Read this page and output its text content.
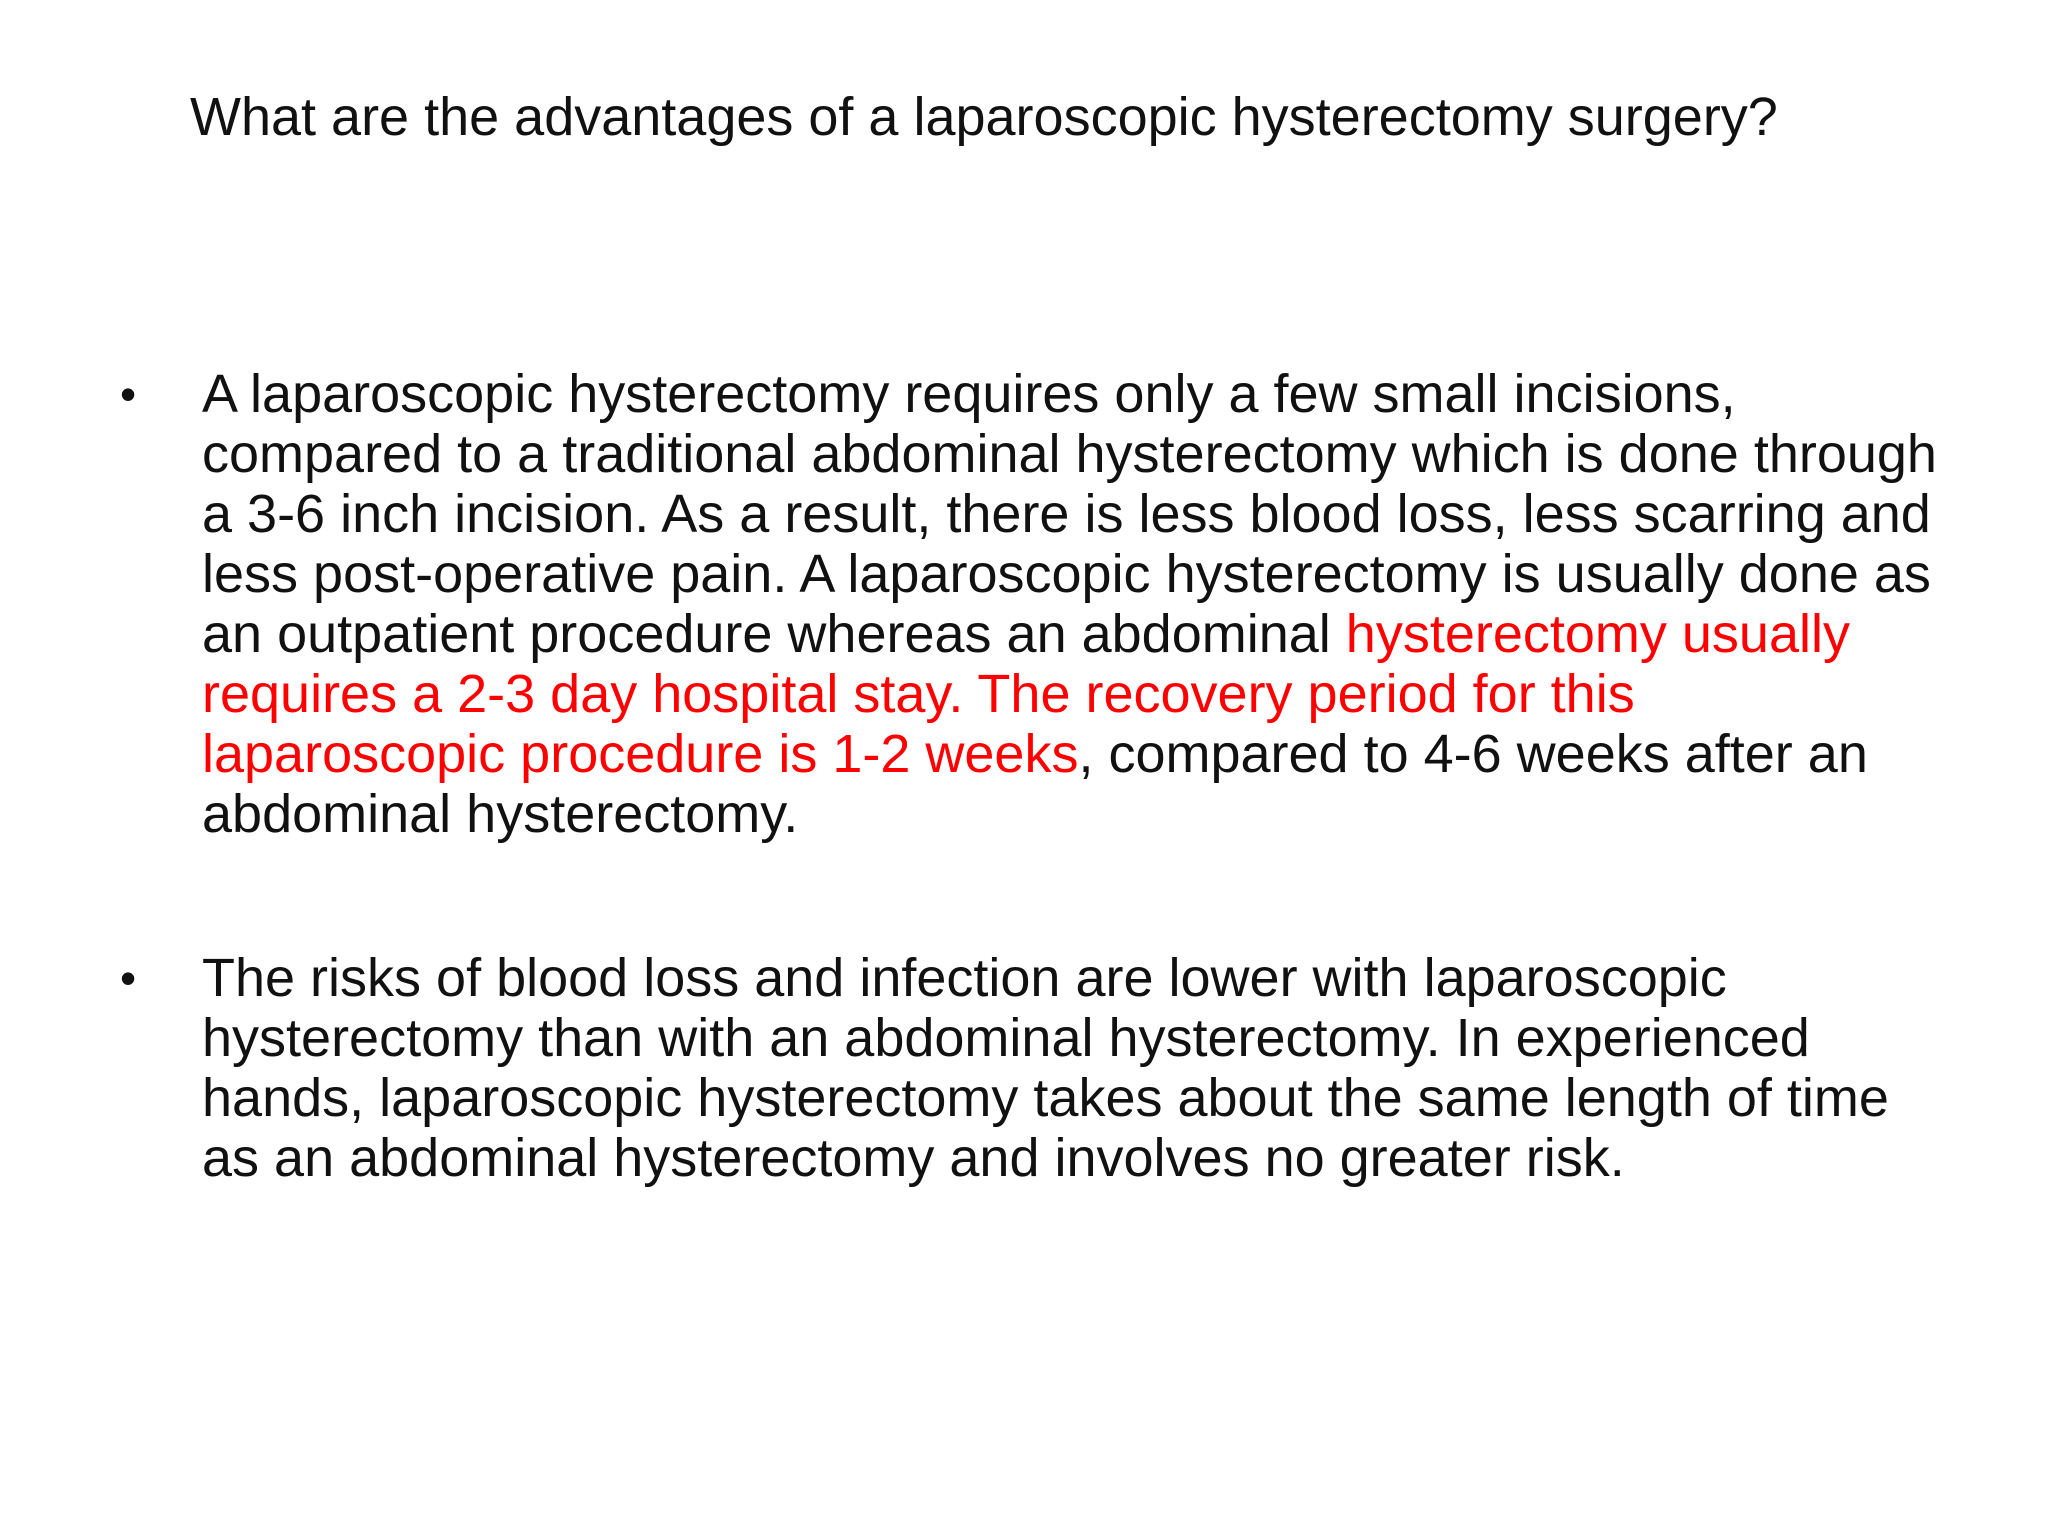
What are the advantages of a laparoscopic hysterectomy surgery?
•	A laparoscopic hysterectomy requires only a few small incisions, compared to a traditional abdominal hysterectomy which is done through a 3-6 inch incision. As a result, there is less blood loss, less scarring and less post-operative pain. A laparoscopic hysterectomy is usually done as an outpatient procedure whereas an abdominal hysterectomy usually requires a 2-3 day hospital stay. The recovery period for this laparoscopic procedure is 1-2 weeks, compared to 4-6 weeks after an abdominal hysterectomy.
•	The risks of blood loss and infection are lower with laparoscopic hysterectomy than with an abdominal hysterectomy. In experienced hands, laparoscopic hysterectomy takes about the same length of time as an abdominal hysterectomy and involves no greater risk.
